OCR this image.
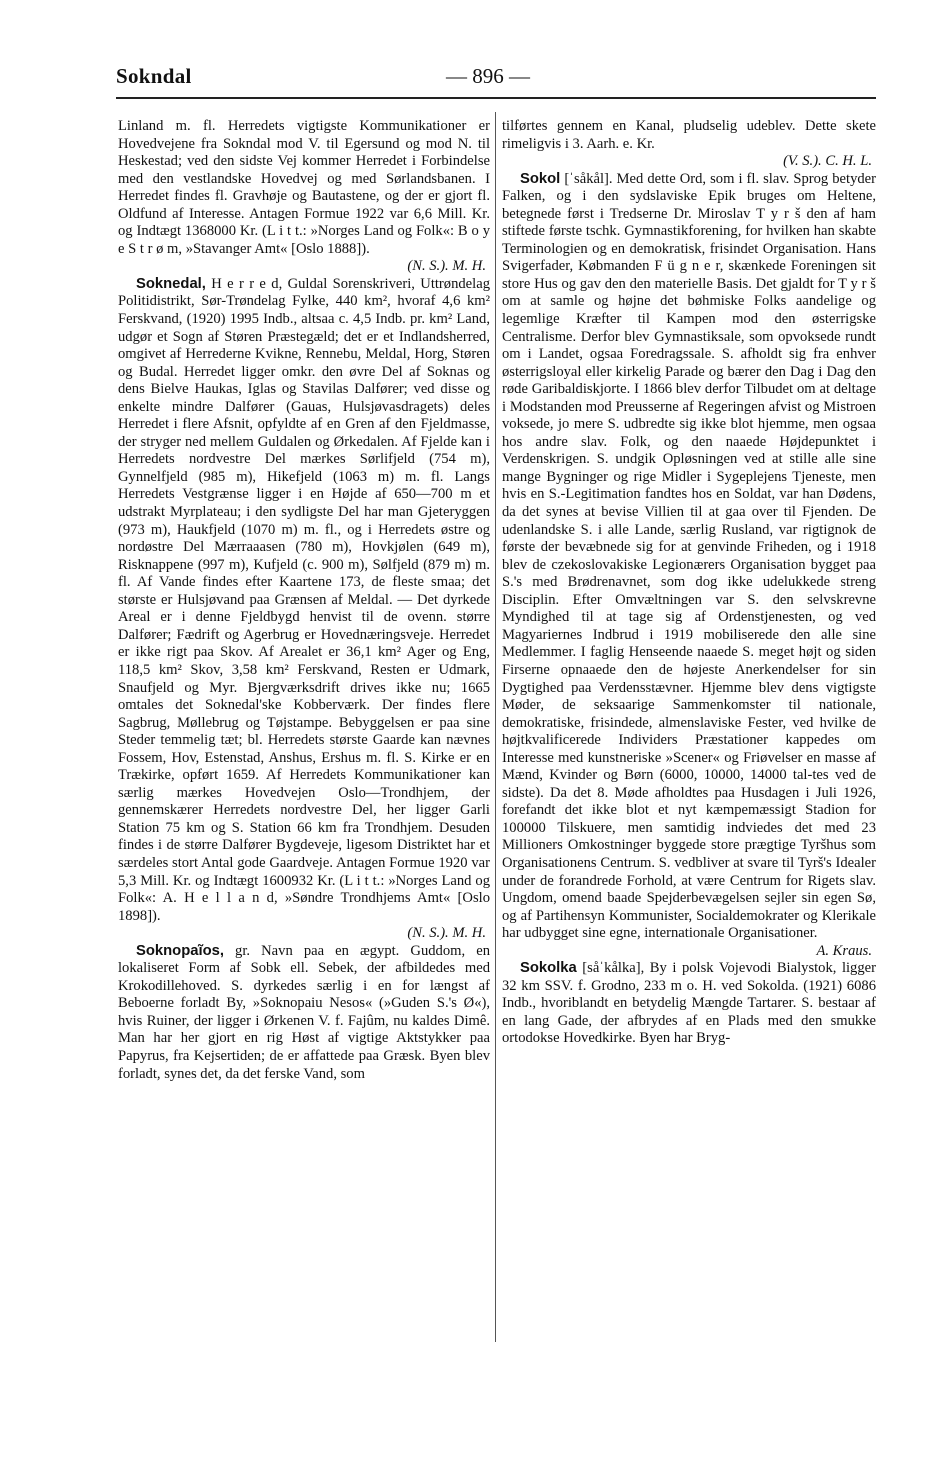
Sokndal	— 896 —

Linland m. fl. Herredets vigtigste Kommunikationer er Hovedvejene fra Sokndal mod V. til Egersund og mod N. til Heskestad; ved den sidste Vej kommer Herredet i Forbindelse med den vestlandske Hovedvej og med Sørlandsbanen. I Herredet findes fl. Gravhøje og Bautastene, og der er gjort fl. Oldfund af Interesse. Antagen Formue 1922 var 6,6 Mill. Kr. og Indtægt 1368000 Kr. (L i t t.: »Norges Land og Folk«: B o y e S t r ø m, »Stavanger Amt« [Oslo 1888]).

(N. S.). M. H.

Soknedal, H e r r e d, Guldal Sorenskriveri, Uttrøndelag Politidistrikt, Sør-Trøndelag Fylke, 440 km², hvoraf 4,6 km² Ferskvand, (1920) 1995 Indb., altsaa c. 4,5 Indb. pr. km² Land, udgør et Sogn af Støren Præstegæld; det er et Indlandsherred, omgivet af Herrederne Kvikne, Rennebu, Meldal, Horg, Støren og Budal. Herredet ligger omkr. den øvre Del af Soknas og dens Bielve Haukas, Iglas og Stavilas Dalfører; ved disse og enkelte mindre Dalfører (Gauas, Hulsjøvasdragets) deles Herredet i flere Afsnit, opfyldte af en Gren af den Fjeldmasse, der stryger ned mellem Guldalen og Ørkedalen. Af Fjelde kan i Herredets nordvestre Del mærkes Sørlifjeld (754 m), Gynnelfjeld (985 m), Hikefjeld (1063 m) m. fl. Langs Herredets Vestgrænse ligger i en Højde af 650—700 m et udstrakt Myrplateau; i den sydligste Del har man Gjeteryggen (973 m), Haukfjeld (1070 m) m. fl., og i Herredets østre og nordøstre Del Mærraaasen (780 m), Hovkjølen (649 m), Risknappene (997 m), Kufjeld (c. 900 m), Sølfjeld (879 m) m. fl. Af Vande findes efter Kaartene 173, de fleste smaa; det største er Hulsjøvand paa Grænsen af Meldal. — Det dyrkede Areal er i denne Fjeldbygd henvist til de ovenn. større Dalfører; Fædrift og Agerbrug er Hovednæringsveje. Herredet er ikke rigt paa Skov. Af Arealet er 36,1 km² Ager og Eng, 118,5 km² Skov, 3,58 km² Ferskvand, Resten er Udmark, Snaufjeld og Myr. Bjergværksdrift drives ikke nu; 1665 omtales det Soknedal'ske Kobberværk. Der findes flere Sagbrug, Møllebrug og Tøjstampe. Bebyggelsen er paa sine Steder temmelig tæt; bl. Herredets største Gaarde kan nævnes Fossem, Hov, Estenstad, Anshus, Ershus m. fl. S. Kirke er en Trækirke, opført 1659. Af Herredets Kommunikationer kan særlig mærkes Hovedvejen Oslo—Trondhjem, der gennemskærer Herredets nordvestre Del, her ligger Garli Station 75 km og S. Station 66 km fra Trondhjem. Desuden findes i de større Dalfører Bygdeveje, ligesom Distriktet har et særdeles stort Antal gode Gaardveje. Antagen Formue 1920 var 5,3 Mill. Kr. og Indtægt 1600932 Kr. (L i t t.: »Norges Land og Folk«: A. H e l l a n d, »Søndre Trondhjems Amt« [Oslo 1898]).

(N. S.). M. H.

Soknopaĩos, gr. Navn paa en ægypt. Guddom, en lokaliseret Form af Sobk ell. Sebek, der afbildedes med Krokodillehoved. S. dyrkedes særlig i en for længst af Beboerne forladt By, »Soknopaiu Nesos« (»Guden S.'s Ø«), hvis Ruiner, der ligger i Ørkenen V. f. Fajûm, nu kaldes Dimê. Man har her gjort en rig Høst af vigtige Aktstykker paa Papyrus, fra Kejsertiden; de er affattede paa Græsk. Byen blev forladt, synes det, da det ferske Vand, som

tilførtes gennem en Kanal, pludselig udeblev. Dette skete rimeligvis i 3. Aarh. e. Kr.

(V. S.). C. H. L.

Sokol [ˈsåkål]. Med dette Ord, som i fl. slav. Sprog betyder Falken, og i den sydslaviske Epik bruges om Heltene, betegnede først i Tredserne Dr. Miroslav T y r š den af ham stiftede første tschk. Gymnastikforening, for hvilken han skabte Terminologien og en demokratisk, frisindet Organisation. Hans Svigerfader, Købmanden F ü g n e r, skænkede Foreningen sit store Hus og gav den den materielle Basis. Det gjaldt for T y r š om at samle og højne det bøhmiske Folks aandelige og legemlige Kræfter til Kampen mod den østerrigske Centralisme. Derfor blev Gymnastiksale, som opvoksede rundt om i Landet, ogsaa Foredragssale. S. afholdt sig fra enhver østerrigsloyal eller kirkelig Parade og bærer den Dag i Dag den røde Garibaldiskjorte. I 1866 blev derfor Tilbudet om at deltage i Modstanden mod Preusserne af Regeringen afvist og Mistroen voksede, jo mere S. udbredte sig ikke blot hjemme, men ogsaa hos andre slav. Folk, og den naaede Højdepunktet i Verdenskrigen. S. undgik Opløsningen ved at stille alle sine mange Bygninger og rige Midler i Sygeplejens Tjeneste, men hvis en S.-Legitimation fandtes hos en Soldat, var han Dødens, da det synes at bevise Villien til at gaa over til Fjenden. De udenlandske S. i alle Lande, særlig Rusland, var rigtignok de første der bevæbnede sig for at genvinde Friheden, og i 1918 blev de czekoslovakiske Legionærers Organisation bygget paa S.'s med Brødrenavnet, som dog ikke udelukkede streng Disciplin. Efter Omvæltningen var S. den selvskrevne Myndighed til at tage sig af Ordenstjenesten, og ved Magyariernes Indbrud i 1919 mobiliserede den alle sine Medlemmer. I faglig Henseende naaede S. meget højt og siden Firserne opnaaede den de højeste Anerkendelser for sin Dygtighed paa Verdensstævner. Hjemme blev dens vigtigste Møder, de seksaarige Sammenkomster til nationale, demokratiske, frisindede, almenslaviske Fester, ved hvilke de højtkvalificerede Individers Præstationer kappedes om Interesse med kunstneriske »Scener« og Friøvelser en masse af Mænd, Kvinder og Børn (6000, 10000, 14000 tal-tes ved de sidste). Da det 8. Møde afholdtes paa Husdagen i Juli 1926, forefandt det ikke blot et nyt kæmpemæssigt Stadion for 100000 Tilskuere, men samtidig indviedes det med 23 Millioners Omkostninger byggede store prægtige Tyršhus som Organisationens Centrum. S. vedbliver at svare til Tyrš's Idealer under de forandrede Forhold, at være Centrum for Rigets slav. Ungdom, omend baade Spejderbevægelsen sejler sin egen Sø, og af Partihensyn Kommunister, Socialdemokrater og Klerikale har udbygget sine egne, internationale Organisationer.

A. Kraus.

Sokolka [såˈkålka], By i polsk Vojevodi Bialystok, ligger 32 km SSV. f. Grodno, 233 m o. H. ved Sokolda. (1921) 6086 Indb., hvoriblandt en betydelig Mængde Tartarer. S. bestaar af en lang Gade, der afbrydes af en Plads med den smukke ortodokse Hovedkirke. Byen har Bryg-
